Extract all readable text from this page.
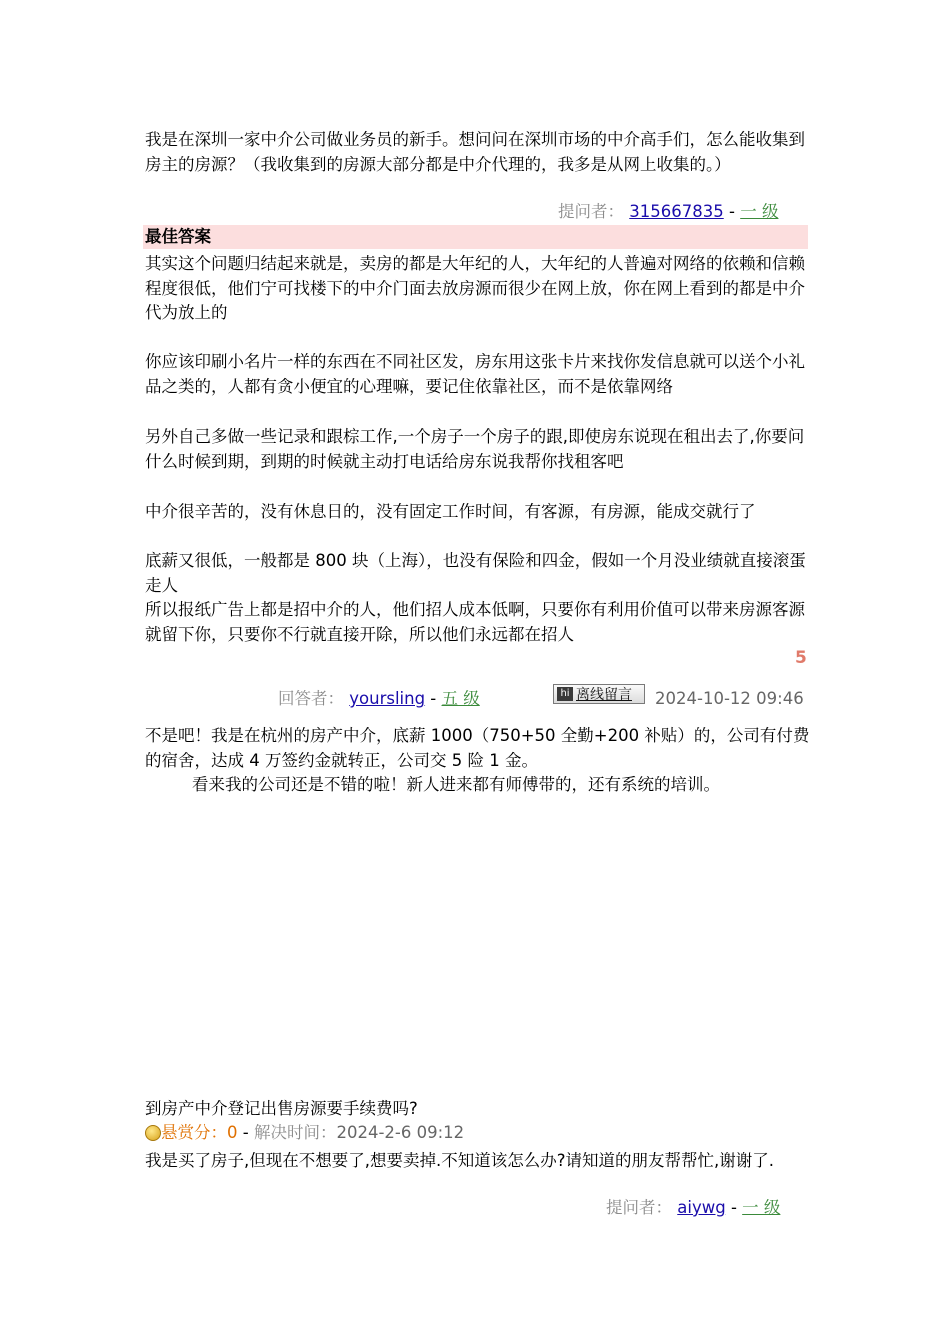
我是在深圳一家中介公司做业务员的新手。想问问在深圳市场的中介高手们，怎么能收集到房主的房源？（我收集到的房源大部分都是中介代理的，我多是从网上收集的。）

提问者： 315667835 - 一 级
最佳答案

其实这个问题归结起来就是，卖房的都是大年纪的人，大年纪的人普遍对网络的依赖和信赖程度很低，他们宁可找楼下的中介门面去放房源而很少在网上放，你在网上看到的都是中介代为放上的

你应该印刷小名片一样的东西在不同社区发，房东用这张卡片来找你发信息就可以送个小礼品之类的，人都有贪小便宜的心理嘛，要记住依靠社区，而不是依靠网络

另外自己多做一些记录和跟棕工作,一个房子一个房子的跟,即使房东说现在租出去了,你要问什么时候到期，到期的时候就主动打电话给房东说我帮你找租客吧

中介很辛苦的，没有休息日的，没有固定工作时间，有客源，有房源，能成交就行了

底薪又很低，一般都是 800 块（上海），也没有保险和四金，假如一个月没业绩就直接滚蛋走人

所以报纸广告上都是招中介的人，他们招人成本低啊，只要你有利用价值可以带来房源客源就留下你，只要你不行就直接开除，所以他们永远都在招人

5
回答者： yoursling - 五 级	hi 离线留言	2024-10-12 09:46

不是吧！我是在杭州的房产中介，底薪 1000（750+50 全勤+200 补贴）的，公司有付费的宿舍，达成 4 万签约金就转正，公司交 5 险 1 金。

看来我的公司还是不错的啦！新人进来都有师傅带的，还有系统的培训。

到房产中介登记出售房源要手续费吗?
悬赏分：0 - 解决时间：2024-2-6 09:12

我是买了房子,但现在不想要了,想要卖掉.不知道该怎么办?请知道的朋友帮帮忙,谢谢了.

提问者： aiywg - 一 级
